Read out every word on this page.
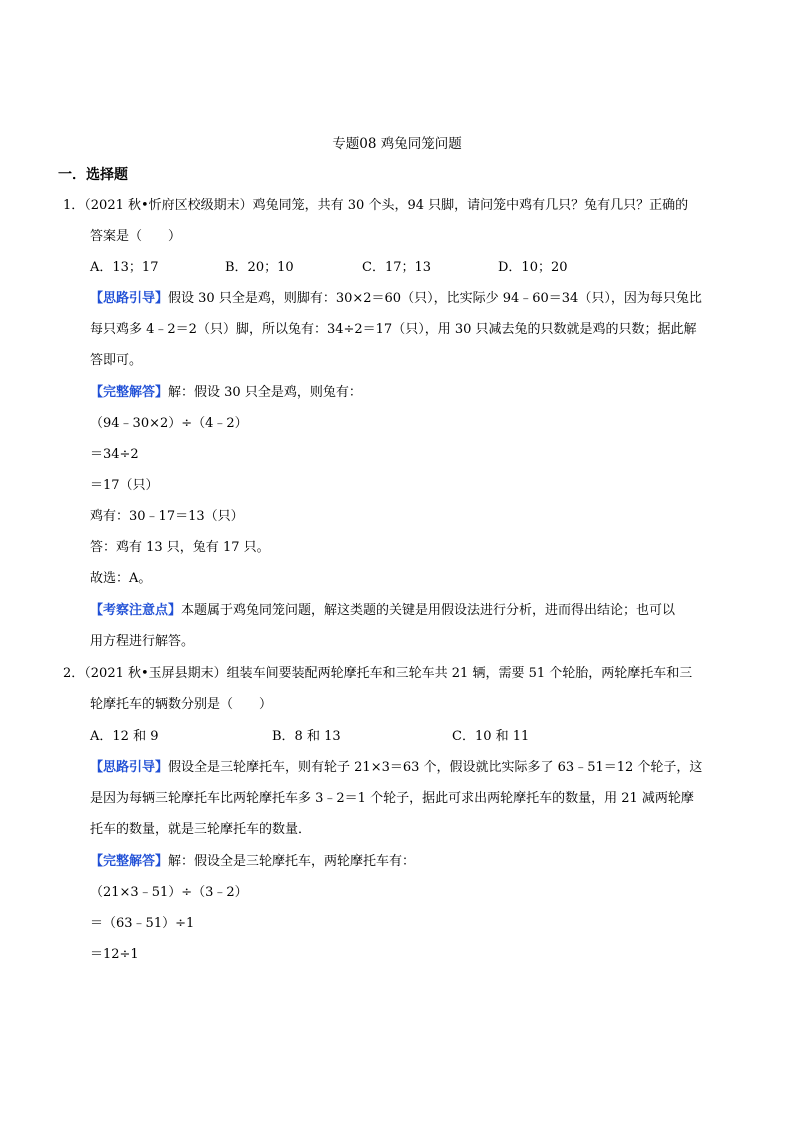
专题08 鸡兔同笼问题
一．选择题
1．（2021 秋•忻府区校级期末）鸡兔同笼，共有 30 个头，94 只脚，请问笼中鸡有几只？兔有几只？正确的
答案是（　　）
A．13；17	B．20；10	C．17；13	D．10；20
【思路引导】假设 30 只全是鸡，则脚有：30×2＝60（只），比实际少 94﹣60＝34（只），因为每只兔比
每只鸡多 4﹣2＝2（只）脚，所以兔有：34÷2＝17（只），用 30 只减去兔的只数就是鸡的只数；据此解
答即可。
【完整解答】解：假设 30 只全是鸡，则兔有：
（94﹣30×2）÷（4﹣2）
＝34÷2
＝17（只）
鸡有：30﹣17＝13（只）
答：鸡有 13 只，兔有 17 只。
故选：A。
【考察注意点】本题属于鸡兔同笼问题，解这类题的关键是用假设法进行分析，进而得出结论；也可以
用方程进行解答。
2．（2021 秋•玉屏县期末）组装车间要装配两轮摩托车和三轮车共 21 辆，需要 51 个轮胎，两轮摩托车和三
轮摩托车的辆数分别是（　　）
A．12 和 9	B．8 和 13	C．10 和 11
【思路引导】假设全是三轮摩托车，则有轮子 21×3＝63 个，假设就比实际多了 63﹣51＝12 个轮子，这
是因为每辆三轮摩托车比两轮摩托车多 3﹣2＝1 个轮子，据此可求出两轮摩托车的数量，用 21 减两轮摩
托车的数量，就是三轮摩托车的数量．
【完整解答】解：假设全是三轮摩托车，两轮摩托车有：
（21×3﹣51）÷（3﹣2）
＝（63﹣51）÷1
＝12÷1
